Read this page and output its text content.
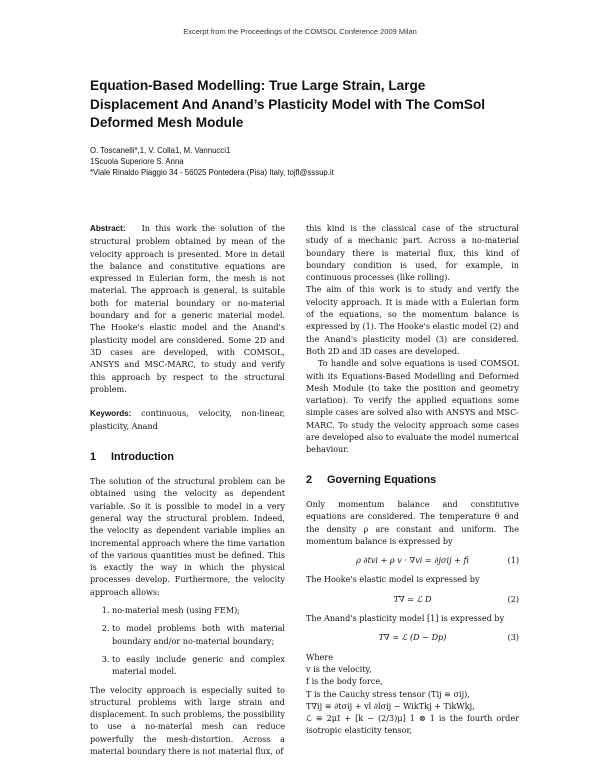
Excerpt from the Proceedings of the COMSOL Conference 2009 Milan
Equation-Based Modelling: True Large Strain, Large
Displacement And Anand’s Plasticity Model with The ComSol
Deformed Mesh Module
O. Toscanelli*,1, V. Colla1, M. Vannucci1
1Scuola Superiore S. Anna
*Viale Rinaldo Piaggio 34 - 56025 Pontedera (Pisa) Italy, tojfl@sssup.it

Abstract: In this work the solution of the structural problem obtained by mean of the velocity approach is presented. More in detail the balance and constitutive equations are expressed in Eulerian form, the mesh is not material. The approach is general, is suitable both for material boundary or no-material boundary and for a generic material model. The Hooke's elastic model and the Anand's plasticity model are considered. Some 2D and 3D cases are developed, with COMSOL, ANSYS and MSC-MARC, to study and verify this approach by respect to the structural problem.

Keywords: continuous, velocity, non-linear, plasticity, Anand

1 Introduction

The solution of the structural problem can be obtained using the velocity as dependent variable. So it is possible to model in a very general way the structural problem. Indeed, the velocity as dependent variable implies an incremental approach where the time variation of the various quantities must be defined. This is exactly the way in which the physical processes develop. Furthermore, the velocity approach allows:

1. no-material mesh (using FEM);
2. to model problems both with material boundary and/or no-material boundary;
3. to easily include generic and complex material model.

The velocity approach is especially suited to structural problems with large strain and displacement. In such problems, the possibility to use a no-material mesh can reduce powerfully the mesh-distortion. Across a material boundary there is not material flux, of

this kind is the classical case of the structural study of a mechanic part. Across a no-material boundary there is material flux, this kind of boundary condition is used, for example, in continuous processes (like rolling).

The aim of this work is to study and verify the velocity approach. It is made with a Eulerian form of the equations, so the momentum balance is expressed by (1). The Hooke's elastic model (2) and the Anand's plasticity model (3) are considered. Both 2D and 3D cases are developed.

To handle and solve equations is used COMSOL with its Equations-Based Modelling and Deformed Mesh Module (to take the position and geometry variation). To verify the applied equations some simple cases are solved also with ANSYS and MSC-MARC. To study the velocity approach some cases are developed also to evaluate the model numerical behaviour.

2 Governing Equations

Only momentum balance and constitutive equations are considered. The temperature θ and the density ρ are constant and uniform. The momentum balance is expressed by

ρ ∂tvi + ρ v · ∇vi = ∂jσij + fi	(1)

The Hooke's elastic model is expressed by

T∇ = ℒ D	(2)

The Anand's plasticity model [1] is expressed by

T∇ = ℒ (D − Dp)	(3)

Where

v is the velocity,

f is the body force,

T is the Cauchy stress tensor (Tij ≡ σij),

T∇ij ≡ ∂tσij + vl ∂lσij − WikTkj + TikWkj,

ℒ ≡ 2μI + [k − (2/3)μ] 1 ⊗ 1 is the fourth order isotropic elasticity tensor,
